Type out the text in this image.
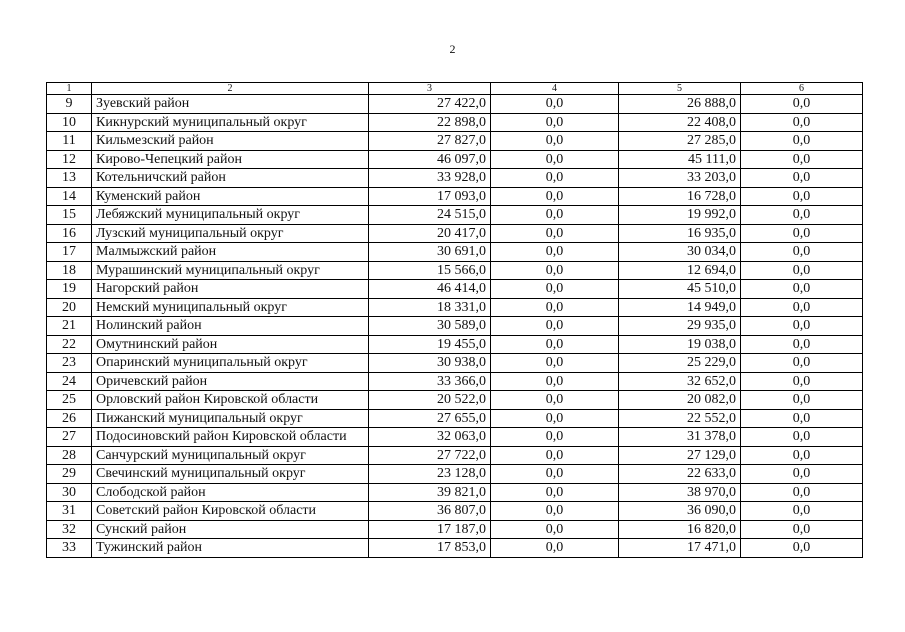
2
1	2	3	4	5	6
9	Зуевский район	27 422,0	0,0	26 888,0	0,0
10	Кикнурский муниципальный округ	22 898,0	0,0	22 408,0	0,0
11	Кильмезский район	27 827,0	0,0	27 285,0	0,0
12	Кирово-Чепецкий район	46 097,0	0,0	45 111,0	0,0
13	Котельничский район	33 928,0	0,0	33 203,0	0,0
14	Куменский район	17 093,0	0,0	16 728,0	0,0
15	Лебяжский муниципальный округ	24 515,0	0,0	19 992,0	0,0
16	Лузский муниципальный округ	20 417,0	0,0	16 935,0	0,0
17	Малмыжский район	30 691,0	0,0	30 034,0	0,0
18	Мурашинский муниципальный округ	15 566,0	0,0	12 694,0	0,0
19	Нагорский район	46 414,0	0,0	45 510,0	0,0
20	Немский муниципальный округ	18 331,0	0,0	14 949,0	0,0
21	Нолинский район	30 589,0	0,0	29 935,0	0,0
22	Омутнинский район	19 455,0	0,0	19 038,0	0,0
23	Опаринский муниципальный округ	30 938,0	0,0	25 229,0	0,0
24	Оричевский район	33 366,0	0,0	32 652,0	0,0
25	Орловский район Кировской области	20 522,0	0,0	20 082,0	0,0
26	Пижанский муниципальный округ	27 655,0	0,0	22 552,0	0,0
27	Подосиновский район Кировской области	32 063,0	0,0	31 378,0	0,0
28	Санчурский муниципальный округ	27 722,0	0,0	27 129,0	0,0
29	Свечинский муниципальный округ	23 128,0	0,0	22 633,0	0,0
30	Слободской район	39 821,0	0,0	38 970,0	0,0
31	Советский район Кировской области	36 807,0	0,0	36 090,0	0,0
32	Сунский район	17 187,0	0,0	16 820,0	0,0
33	Тужинский район	17 853,0	0,0	17 471,0	0,0
